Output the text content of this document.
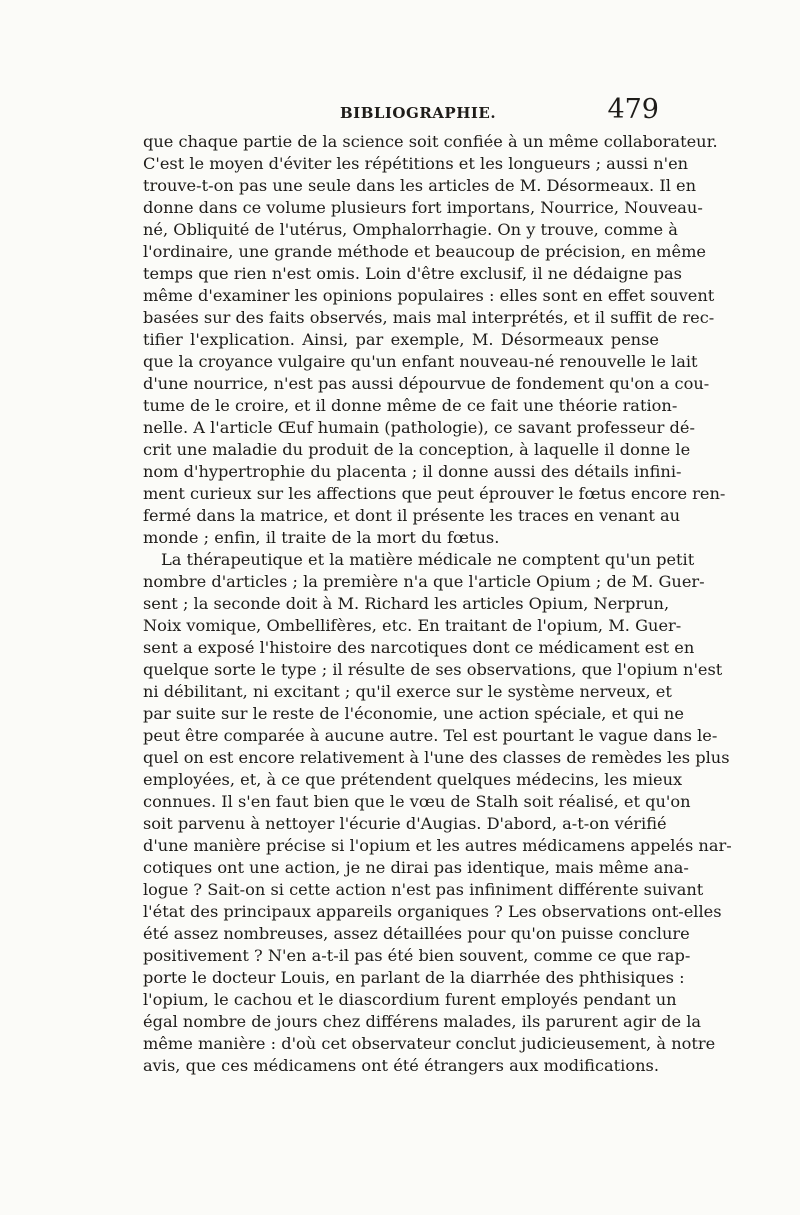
BIBLIOGRAPHIE.	479
que chaque partie de la science soit confiée à un même collaborateur.
C'est le moyen d'éviter les répétitions et les longueurs ; aussi n'en
trouve-t-on pas une seule dans les articles de M. Désormeaux. Il en
donne dans ce volume plusieurs fort importans, Nourrice, Nouveau-
né, Obliquité de l'utérus, Omphalorrhagie. On y trouve, comme à
l'ordinaire, une grande méthode et beaucoup de précision, en même
temps que rien n'est omis. Loin d'être exclusif, il ne dédaigne pas
même d'examiner les opinions populaires : elles sont en effet souvent
basées sur des faits observés, mais mal interprétés, et il suffit de rec-
tifier l'explication. Ainsi, par exemple, M. Désormeaux pense
que la croyance vulgaire qu'un enfant nouveau-né renouvelle le lait
d'une nourrice, n'est pas aussi dépourvue de fondement qu'on a cou-
tume de le croire, et il donne même de ce fait une théorie ration-
nelle. A l'article Œuf humain (pathologie), ce savant professeur dé-
crit une maladie du produit de la conception, à laquelle il donne le
nom d'hypertrophie du placenta ; il donne aussi des détails infini-
ment curieux sur les affections que peut éprouver le fœtus encore ren-
fermé dans la matrice, et dont il présente les traces en venant au
monde ; enfin, il traite de la mort du fœtus.
La thérapeutique et la matière médicale ne comptent qu'un petit
nombre d'articles ; la première n'a que l'article Opium ; de M. Guer-
sent ; la seconde doit à M. Richard les articles Opium, Nerprun,
Noix vomique, Ombellifères, etc. En traitant de l'opium, M. Guer-
sent a exposé l'histoire des narcotiques dont ce médicament est en
quelque sorte le type ; il résulte de ses observations, que l'opium n'est
ni débilitant, ni excitant ; qu'il exerce sur le système nerveux, et
par suite sur le reste de l'économie, une action spéciale, et qui ne
peut être comparée à aucune autre. Tel est pourtant le vague dans le-
quel on est encore relativement à l'une des classes de remèdes les plus
employées, et, à ce que prétendent quelques médecins, les mieux
connues. Il s'en faut bien que le vœu de Stalh soit réalisé, et qu'on
soit parvenu à nettoyer l'écurie d'Augias. D'abord, a-t-on vérifié
d'une manière précise si l'opium et les autres médicamens appelés nar-
cotiques ont une action, je ne dirai pas identique, mais même ana-
logue ? Sait-on si cette action n'est pas infiniment différente suivant
l'état des principaux appareils organiques ? Les observations ont-elles
été assez nombreuses, assez détaillées pour qu'on puisse conclure
positivement ? N'en a-t-il pas été bien souvent, comme ce que rap-
porte le docteur Louis, en parlant de la diarrhée des phthisiques :
l'opium, le cachou et le diascordium furent employés pendant un
égal nombre de jours chez différens malades, ils parurent agir de la
même manière : d'où cet observateur conclut judicieusement, à notre
avis, que ces médicamens ont été étrangers aux modifications.
